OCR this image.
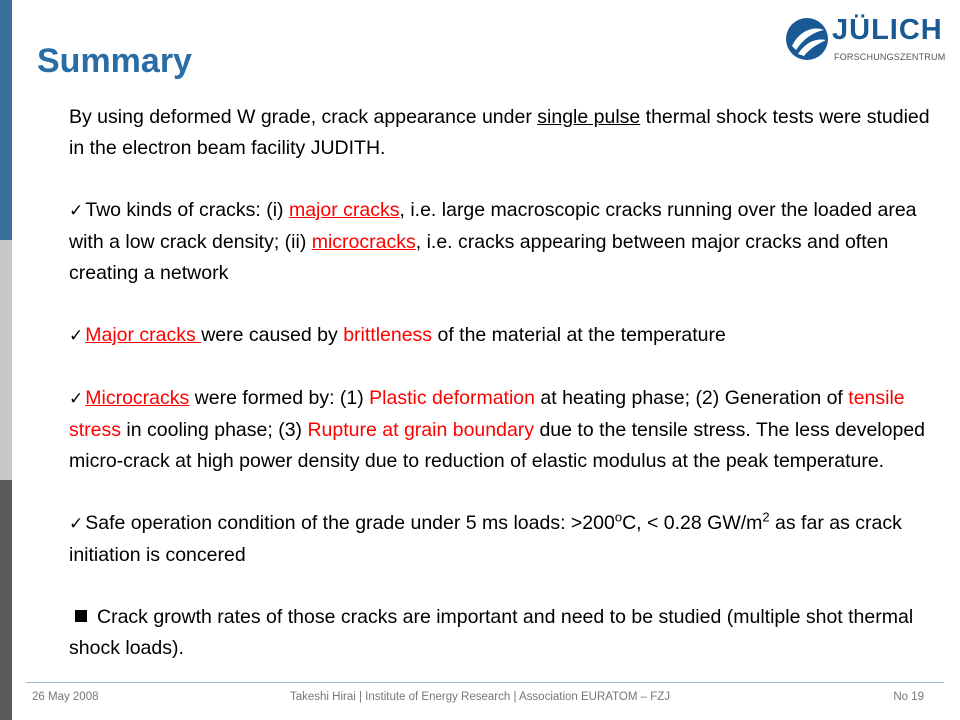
Summary
JÜLICH
FORSCHUNGSZENTRUM

By using deformed W grade, crack appearance under single pulse thermal shock tests were studied in the electron beam facility JUDITH.

✓ Two kinds of cracks: (i) major cracks, i.e. large macroscopic cracks running over the loaded area with a low crack density; (ii) microcracks, i.e. cracks appearing between major cracks and often creating a network

✓ Major cracks were caused by brittleness of the material at the temperature

✓ Microcracks were formed by: (1) Plastic deformation at heating phase; (2) Generation of tensile stress in cooling phase; (3) Rupture at grain boundary due to the tensile stress. The less developed micro-crack at high power density due to reduction of elastic modulus at the peak temperature.

✓ Safe operation condition of the grade under 5 ms loads: $>200^oC$, < 0.28 $GW/m^2$ as far as crack initiation is concered

Crack growth rates of those cracks are important and need to be studied (multiple shot thermal shock loads).

26 May 2008	Takeshi Hirai | Institute of Energy Research | Association EURATOM – FZJ	No 19
